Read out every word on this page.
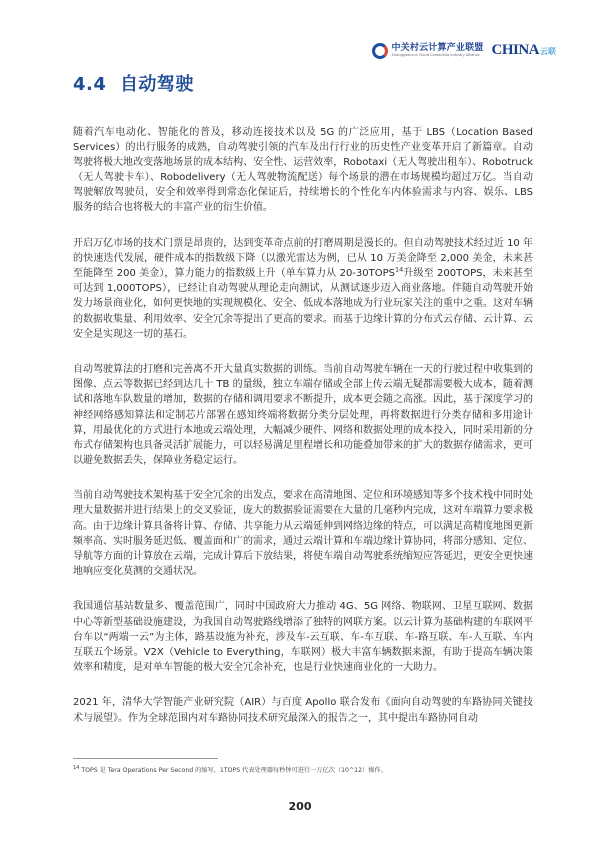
中关村云计算产业联盟
Zhongguancun Cloud Computing Industry Alliance CHINA 云联
4.4 自动驾驶

随着汽车电动化、智能化的普及，移动连接技术以及 5G 的广泛应用，基于 LBS（Location Based Services）的出行服务的成熟，自动驾驶引领的汽车及出行行业的历史性产业变革开启了新篇章。自动驾驶将极大地改变落地场景的成本结构、安全性、运营效率，Robotaxi（无人驾驶出租车）、Robotruck（无人驾驶卡车）、Robodelivery（无人驾驶物流配送）每个场景的潜在市场规模均超过万亿。当自动驾驶解放驾驶员，安全和效率得到常态化保证后，持续增长的个性化车内体验需求与内容、娱乐、LBS 服务的结合也将极大的丰富产业的衍生价值。

开启万亿市场的技术门票是昂贵的，达到变革奇点前的打磨周期是漫长的。但自动驾驶技术经过近 10 年的快速迭代发展，硬件成本的指数级下降（以激光雷达为例，已从 10 万美金降至 2,000 美金，未来甚至能降至 200 美金），算力能力的指数级上升（单车算力从 20-30TOPS$^{14}$升级至 200TOPS，未来甚至可达到 1,000TOPS），已经让自动驾驶从理论走向测试，从测试逐步迈入商业落地。伴随自动驾驶开始发力场景商业化，如何更快地的实现规模化、安全、低成本落地成为行业玩家关注的重中之重。这对车辆的数据收集量、利用效率、安全冗余等提出了更高的要求。而基于边缘计算的分布式云存储、云计算、云安全是实现这一切的基石。

自动驾驶算法的打磨和完善离不开大量真实数据的训练。当前自动驾驶车辆在一天的行驶过程中收集到的图像、点云等数据已经到达几十 TB 的量级，独立车端存储或全部上传云端无疑都需要极大成本，随着测试和落地车队数量的增加，数据的存储和调用要求不断提升，成本更会随之高涨。因此，基于深度学习的神经网络感知算法和定制芯片部署在感知终端将数据分类分层处理，再将数据进行分类存储和多用途计算，用最优化的方式进行本地或云端处理，大幅减少硬件、网络和数据处理的成本投入，同时采用新的分布式存储架构也具备灵活扩展能力，可以轻易满足里程增长和功能叠加带来的扩大的数据存储需求，更可以避免数据丢失，保障业务稳定运行。

当前自动驾驶技术架构基于安全冗余的出发点，要求在高清地图、定位和环境感知等多个技术栈中同时处理大量数据并进行结果上的交叉验证，庞大的数据验证需要在大量的几毫秒内完成，这对车端算力要求极高。由于边缘计算具备将计算、存储、共享能力从云端延伸到网络边缘的特点，可以满足高精度地图更新频率高、实时服务延迟低、覆盖面和广的需求，通过云端计算和车端边缘计算协同，将部分感知、定位、导航等方面的计算放在云端，完成计算后下放结果，将使车端自动驾驶系统缩短应答延迟，更安全更快速地响应变化莫测的交通状况。

我国通信基站数量多、覆盖范围广，同时中国政府大力推动 4G、5G 网络、物联网、卫星互联网、数据中心等新型基础设施建设，为我国自动驾驶路线增添了独特的网联方案。以云计算为基础构建的车联网平台车以“两端一云”为主体，路基设施为补充，涉及车-云互联、车-车互联、车-路互联、车-人互联、车内互联五个场景。V2X（Vehicle to Everything，车联网）极大丰富车辆数据来源，有助于提高车辆决策效率和精度，是对单车智能的极大安全冗余补充，也是行业快速商业化的一大助力。

2021 年，清华大学智能产业研究院（AIR）与百度 Apollo 联合发布《面向自动驾驶的车路协同关键技术与展望》。作为全球范围内对车路协同技术研究最深入的报告之一，其中提出车路协同自动

$^{14}$ TOPS 是 Tera Operations Per Second 的缩写，1TOPS 代表处理器每秒钟可进行一万亿次（10^12）操作。
200
